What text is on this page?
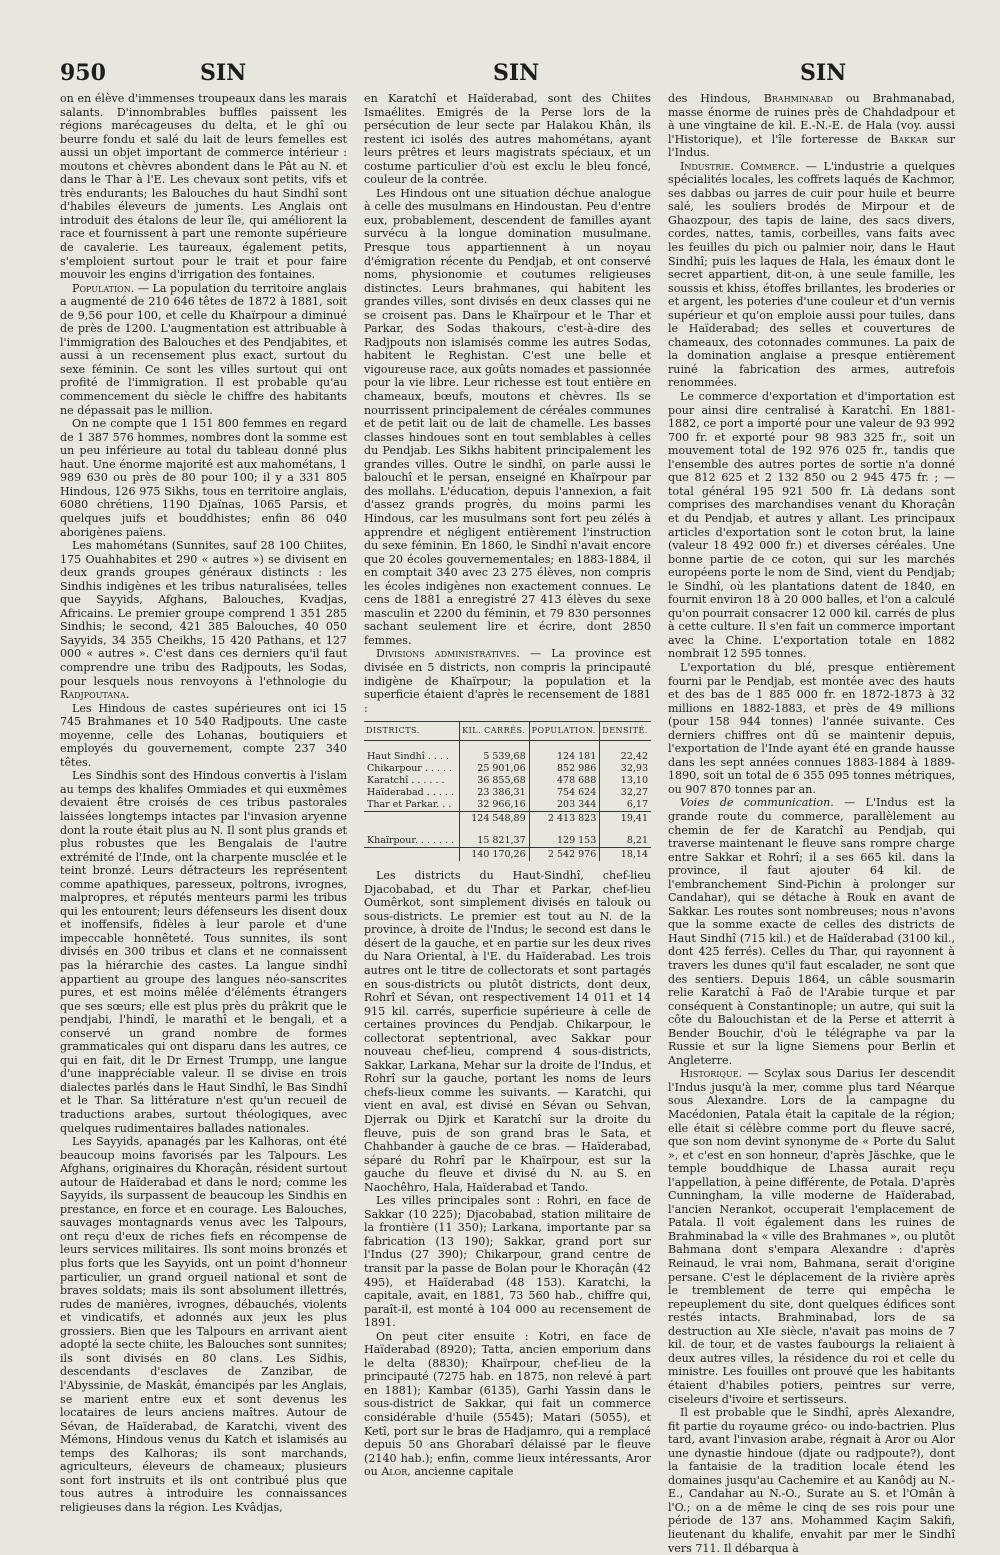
950	SIN	SIN	SIN

on en élève d'immenses troupeaux dans les marais salants. D'innombrables buffles paissent les régions marécageuses du delta, et le ghî ou beurre fondu et salé du lait de leurs femelles est aussi un objet important de commerce intérieur : moutons et chèvres abondent dans le Pât au N. et dans le Thar à l'E. Les chevaux sont petits, vifs et très endurants; les Balouches du haut Sindhî sont d'habiles éleveurs de juments. Les Anglais ont introduit des étalons de leur île, qui améliorent la race et fournissent à part une remonte supérieure de cavalerie. Les taureaux, également petits, s'emploient surtout pour le trait et pour faire mouvoir les engins d'irrigation des fontaines.

Population. — La population du territoire anglais a augmenté de 210 646 têtes de 1872 à 1881, soit de 9,56 pour 100, et celle du Khaïrpour a diminué de près de 1200. L'augmentation est attribuable à l'immigration des Balouches et des Pendjabites, et aussi à un recensement plus exact, surtout du sexe féminin. Ce sont les villes surtout qui ont profité de l'immigration. Il est probable qu'au commencement du siècle le chiffre des habitants ne dépassait pas le million.

On ne compte que 1 151 800 femmes en regard de 1 387 576 hommes, nombres dont la somme est un peu inférieure au total du tableau donné plus haut. Une énorme majorité est aux mahométans, 1 989 630 ou près de 80 pour 100; il y a 331 805 Hindous, 126 975 Sikhs, tous en territoire anglais, 6080 chrétiens, 1190 Djaïnas, 1065 Parsis, et quelques juifs et bouddhistes; enfin 86 040 aborigènes païens.

Les mahométans (Sunnites, sauf 28 100 Chiites, 175 Ouahhabites et 290 « autres ») se divisent en deux grands groupes généraux distincts : les Sindhis indigènes et les tribus naturalisées, telles que Sayyids, Afghans, Balouches, Kvadjas, Africains. Le premier groupe comprend 1 351 285 Sindhis; le second, 421 385 Balouches, 40 050 Sayyids, 34 355 Cheikhs, 15 420 Pathans, et 127 000 « autres ». C'est dans ces derniers qu'il faut comprendre une tribu des Radjpouts, les Sodas, pour lesquels nous renvoyons à l'ethnologie du Radjpoutana.

Les Hindous de castes supérieures ont ici 15 745 Brahmanes et 10 540 Radjpouts. Une caste moyenne, celle des Lohanas, boutiquiers et employés du gouvernement, compte 237 340 têtes.

Les Sindhis sont des Hindous convertis à l'islam au temps des khalifes Ommiades et qui euxmêmes devaient être croisés de ces tribus pastorales laissées longtemps intactes par l'invasion aryenne dont la route était plus au N. Il sont plus grands et plus robustes que les Bengalais de l'autre extrémité de l'Inde, ont la charpente musclée et le teint bronzé. Leurs détracteurs les représentent comme apathiques, paresseux, poltrons, ivrognes, malpropres, et réputés menteurs parmi les tribus qui les entourent; leurs défenseurs les disent doux et inoffensifs, fidèles à leur parole et d'une impeccable honnêteté. Tous sunnites, ils sont divisés en 300 tribus et clans et ne connaissent pas la hiérarchie des castes. La langue sindhî appartient au groupe des langues néo-sanscrites pures, et est moins mêlée d'éléments étrangers que ses sœurs; elle est plus près du prâkrit que le pendjabi, l'hindî, le marathî et le bengali, et a conservé un grand nombre de formes grammaticales qui ont disparu dans les autres, ce qui en fait, dit le Dr Ernest Trumpp, une langue d'une inappréciable valeur. Il se divise en trois dialectes parlés dans le Haut Sindhî, le Bas Sindhî et le Thar. Sa littérature n'est qu'un recueil de traductions arabes, surtout théologiques, avec quelques rudimentaires ballades nationales.

Les Sayyids, apanagés par les Kalhoras, ont été beaucoup moins favorisés par les Talpours. Les Afghans, originaires du Khoraçân, résident surtout autour de Haïderabad et dans le nord; comme les Sayyids, ils surpassent de beaucoup les Sindhis en prestance, en force et en courage. Les Balouches, sauvages montagnards venus avec les Talpours, ont reçu d'eux de riches fiefs en récompense de leurs services militaires. Ils sont moins bronzés et plus forts que les Sayyids, ont un point d'honneur particulier, un grand orgueil national et sont de braves soldats; mais ils sont absolument illettrés, rudes de manières, ivrognes, débauchés, violents et vindicatifs, et adonnés aux jeux les plus grossiers. Bien que les Talpours en arrivant aient adopté la secte chiite, les Balouches sont sunnites; ils sont divisés en 80 clans. Les Sidhis, descendants d'esclaves de Zanzibar, de l'Abyssinie, de Maskât, émancipés par les Anglais, se marient entre eux et sont devenus les locataires de leurs anciens maîtres. Autour de Sévan, de Haïderabad, de Karatchi, vivent des Mémons, Hindous venus du Katch et islamisés au temps des Kalhoras; ils sont marchands, agriculteurs, éleveurs de chameaux; plusieurs sont fort instruits et ils ont contribué plus que tous autres à introduire les connaissances religieuses dans la région. Les Kvâdjas,

en Karatchî et Haïderabad, sont des Chiites Ismaélites. Emigrés de la Perse lors de la persécution de leur secte par Halakou Khân, ils restent ici isolés des autres mahométans, ayant leurs prêtres et leurs magistrats spéciaux, et un costume particulier d'où est exclu le bleu foncé, couleur de la contrée.

Les Hindous ont une situation déchue analogue à celle des musulmans en Hindoustan. Peu d'entre eux, probablement, descendent de familles ayant survécu à la longue domination musulmane. Presque tous appartiennent à un noyau d'émigration récente du Pendjab, et ont conservé noms, physionomie et coutumes religieuses distinctes. Leurs brahmanes, qui habitent les grandes villes, sont divisés en deux classes qui ne se croisent pas. Dans le Khaïrpour et le Thar et Parkar, des Sodas thakours, c'est-à-dire des Radjpouts non islamisés comme les autres Sodas, habitent le Reghistan. C'est une belle et vigoureuse race, aux goûts nomades et passionnée pour la vie libre. Leur richesse est tout entière en chameaux, bœufs, moutons et chèvres. Ils se nourrissent principalement de céréales communes et de petit lait ou de lait de chamelle. Les basses classes hindoues sont en tout semblables à celles du Pendjab. Les Sikhs habitent principalement les grandes villes. Outre le sindhî, on parle aussi le balouchî et le persan, enseigné en Khaïrpour par des mollahs. L'éducation, depuis l'annexion, a fait d'assez grands progrès, du moins parmi les Hindous, car les musulmans sont fort peu zélés à apprendre et négligent entièrement l'instruction du sexe féminin. En 1860, le Sindhî n'avait encore que 20 écoles gouvernementales; en 1883-1884, il en comptait 340 avec 23 275 élèves, non compris les écoles indigènes non exactement connues. Le cens de 1881 a enregistré 27 413 élèves du sexe masculin et 2200 du féminin, et 79 830 personnes sachant seulement lire et écrire, dont 2850 femmes.

Divisions administratives. — La province est divisée en 5 districts, non compris la principauté indigène de Khaïrpour; la population et la superficie étaient d'après le recensement de 1881 :

DISTRICTS.	KIL. CARRÉS.	POPULATION.	DENSITÉ.

Haut Sindhî . . . .	5 539,68	124 181	22,42
Chikarpour . . . . .	25 901,06	852 986	32,93
Karatchî . . . . . .	36 855,68	478 688	13,10
Haïderabad . . . . .	23 386,31	754 624	32,27
Thar et Parkar. . .	32 966,16	203 344	6,17
	124 548,89	2 413 823	19,41

Khaïrpour. . . . . . .	15 821,37	129 153	8,21
	140 170,26	2 542 976	18,14

Les districts du Haut-Sindhî, chef-lieu Djacobabad, et du Thar et Parkar, chef-lieu Oumêrkot, sont simplement divisés en talouk ou sous-districts. Le premier est tout au N. de la province, à droite de l'Indus; le second est dans le désert de la gauche, et en partie sur les deux rives du Nara Oriental, à l'E. du Haïderabad. Les trois autres ont le titre de collectorats et sont partagés en sous-districts ou plutôt districts, dont deux, Rohrî et Sévan, ont respectivement 14 011 et 14 915 kil. carrés, superficie supérieure à celle de certaines provinces du Pendjab. Chikarpour, le collectorat septentrional, avec Sakkar pour nouveau chef-lieu, comprend 4 sous-districts, Sakkar, Larkana, Mehar sur la droite de l'Indus, et Rohrî sur la gauche, portant les noms de leurs chefs-lieux comme les suivants. — Karatchi, qui vient en aval, est divisé en Sévan ou Sehvan, Djerrak ou Djirk et Karatchî sur la droite du fleuve, puis de son grand bras le Sata, et Chahbander à gauche de ce bras. — Haïderabad, séparé du Rohrî par le Khaïrpour, est sur la gauche du fleuve et divisé du N. au S. en Naochêhro, Hala, Haïderabad et Tando.

Les villes principales sont : Rohri, en face de Sakkar (10 225); Djacobabad, station militaire de la frontière (11 350); Larkana, importante par sa fabrication (13 190); Sakkar, grand port sur l'Indus (27 390); Chikarpour, grand centre de transit par la passe de Bolan pour le Khoraçân (42 495), et Haïderabad (48 153). Karatchi, la capitale, avait, en 1881, 73 560 hab., chiffre qui, paraît-il, est monté à 104 000 au recensement de 1891.

On peut citer ensuite : Kotri, en face de Haïderabad (8920); Tatta, ancien emporium dans le delta (8830); Khaïrpour, chef-lieu de la principauté (7275 hab. en 1875, non relevé à part en 1881); Kambar (6135), Garhi Yassin dans le sous-district de Sakkar, qui fait un commerce considérable d'huile (5545); Matari (5055), et Ketî, port sur le bras de Hadjamro, qui a remplacé depuis 50 ans Ghorabarî délaissé par le fleuve (2140 hab.); enfin, comme lieux intéressants, Aror ou Alor, ancienne capitale

des Hindous, Brahminabad ou Brahmanabad, masse énorme de ruines près de Chahdadpour et à une vingtaine de kil. E.-N.-E. de Hala (voy. aussi l'Historique), et l'île forteresse de Bakkar sur l'Indus.

Industrie. Commerce. — L'industrie a quelques spécialités locales, les coffrets laqués de Kachmor, ses dabbas ou jarres de cuir pour huile et beurre salé, les souliers brodés de Mirpour et de Ghaozpour, des tapis de laine, des sacs divers, cordes, nattes, tamis, corbeilles, vans faits avec les feuilles du pich ou palmier noir, dans le Haut Sindhî; puis les laques de Hala, les émaux dont le secret appartient, dit-on, à une seule famille, les soussis et khiss, étoffes brillantes, les broderies or et argent, les poteries d'une couleur et d'un vernis supérieur et qu'on emploie aussi pour tuiles, dans le Haïderabad; des selles et couvertures de chameaux, des cotonnades communes. La paix de la domination anglaise a presque entièrement ruiné la fabrication des armes, autrefois renommées.

Le commerce d'exportation et d'importation est pour ainsi dire centralisé à Karatchî. En 1881-1882, ce port a importé pour une valeur de 93 992 700 fr. et exporté pour 98 983 325 fr., soit un mouvement total de 192 976 025 fr., tandis que l'ensemble des autres portes de sortie n'a donné que 812 625 et 2 132 850 ou 2 945 475 fr. ; — total général 195 921 500 fr. Là dedans sont comprises des marchandises venant du Khoraçân et du Pendjab, et autres y allant. Les principaux articles d'exportation sont le coton brut, la laine (valeur 18 492 000 fr.) et diverses céréales. Une bonne partie de ce coton, qui sur les marchés européens porte le nom de Sind, vient du Pendjab; le Sindhî, où les plantations datent de 1840, en fournit environ 18 à 20 000 balles, et l'on a calculé qu'on pourrait consacrer 12 000 kil. carrés de plus à cette culture. Il s'en fait un commerce important avec la Chine. L'exportation totale en 1882 nombrait 12 595 tonnes.

L'exportation du blé, presque entièrement fourni par le Pendjab, est montée avec des hauts et des bas de 1 885 000 fr. en 1872-1873 à 32 millions en 1882-1883, et près de 49 millions (pour 158 944 tonnes) l'année suivante. Ces derniers chiffres ont dû se maintenir depuis, l'exportation de l'Inde ayant été en grande hausse dans les sept années connues 1883-1884 à 1889-1890, soit un total de 6 355 095 tonnes métriques, ou 907 870 tonnes par an.

Voies de communication. — L'Indus est la grande route du commerce, parallèlement au chemin de fer de Karatchî au Pendjab, qui traverse maintenant le fleuve sans rompre charge entre Sakkar et Rohrî; il a ses 665 kil. dans la province, il faut ajouter 64 kil. de l'embranchement Sind-Pichin à prolonger sur Candahar), qui se détache à Rouk en avant de Sakkar. Les routes sont nombreuses; nous n'avons que la somme exacte de celles des districts de Haut Sindhî (715 kil.) et de Haïderabad (3100 kil., dont 425 ferrés). Celles du Thar, qui rayonnent à travers les dunes qu'il faut escalader, ne sont que des sentiers. Depuis 1864, un câble sousmarin relie Karatchî à Faô de l'Arabie turque et par conséquent à Constantinople; un autre, qui suit la côte du Balouchistan et de la Perse et atterrit à Bender Bouchir, d'où le télégraphe va par la Russie et sur la ligne Siemens pour Berlin et Angleterre.

Historique. — Scylax sous Darius Ier descendit l'Indus jusqu'à la mer, comme plus tard Néarque sous Alexandre. Lors de la campagne du Macédonien, Patala était la capitale de la région; elle était si célèbre comme port du fleuve sacré, que son nom devint synonyme de « Porte du Salut », et c'est en son honneur, d'après Jäschke, que le temple bouddhique de Lhassa aurait reçu l'appellation, à peine différente, de Potala. D'après Cunningham, la ville moderne de Haïderabad, l'ancien Nerankot, occuperait l'emplacement de Patala. Il voit également dans les ruines de Brahminabad la « ville des Brahmanes », ou plutôt Bahmana dont s'empara Alexandre : d'après Reinaud, le vrai nom, Bahmana, serait d'origine persane. C'est le déplacement de la rivière après le tremblement de terre qui empêcha le repeuplement du site, dont quelques édifices sont restés intacts. Brahminabad, lors de sa destruction au XIe siècle, n'avait pas moins de 7 kil. de tour, et de vastes faubourgs la reliaient à deux autres villes, la résidence du roi et celle du ministre. Les fouilles ont prouvé que les habitants étaient d'habiles potiers, peintres sur verre, ciseleurs d'ivoire et sertisseurs.

Il est probable que le Sindhî, après Alexandre, fit partie du royaume gréco- ou indo-bactrien. Plus tard, avant l'invasion arabe, régnait à Aror ou Alor une dynastie hindoue (djate ou radjpoute?), dont la fantaisie de la tradition locale étend les domaines jusqu'au Cachemire et au Kanôdj au N.-E., Candahar au N.-O., Surate au S. et l'Omân à l'O.; on a de même le cinq de ses rois pour une période de 137 ans. Mohammed Kaçim Sakifi, lieutenant du khalife, envahit par mer le Sindhî vers 711. Il débarqua à
